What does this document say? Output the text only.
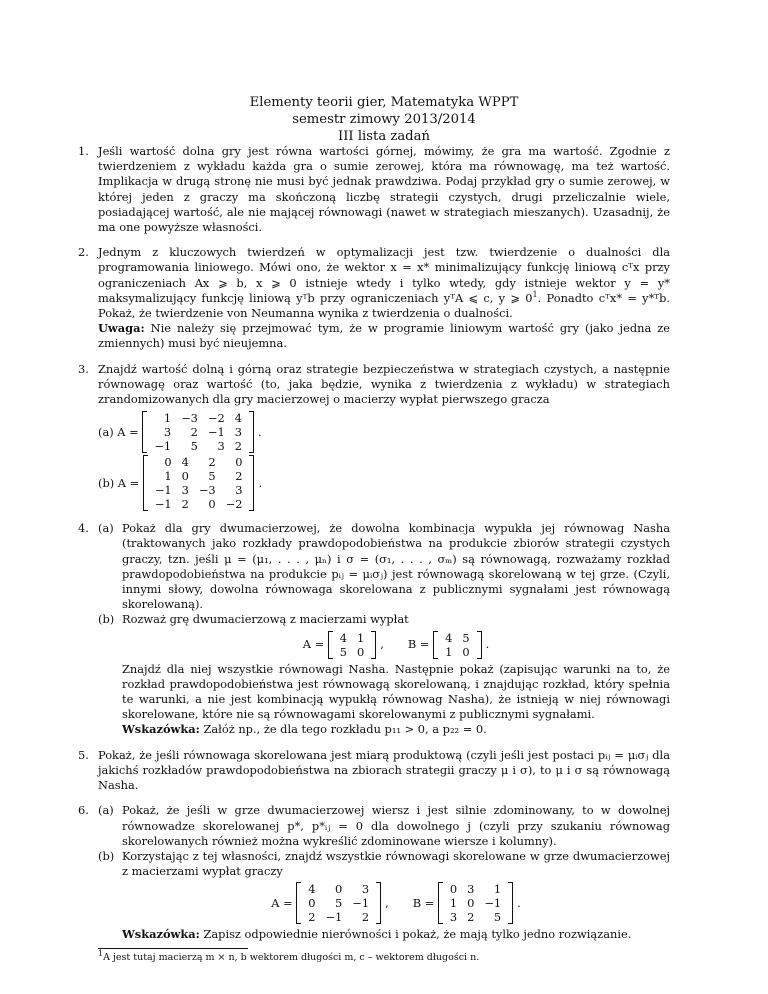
Elementy teorii gier, Matematyka WPPT
semestr zimowy 2013/2014
III lista zadań
1. Jeśli wartość dolna gry jest równa wartości górnej, mówimy, że gra ma wartość. Zgodnie z twierdzeniem z wykładu każda gra o sumie zerowej, która ma równowagę, ma też wartość. Implikacja w drugą stronę nie musi być jednak prawdziwa. Podaj przykład gry o sumie zerowej, w której jeden z graczy ma skończoną liczbę strategii czystych, drugi przeliczalnie wiele, posiadającej wartość, ale nie mającej równowagi (nawet w strategiach mieszanych). Uzasadnij, że ma one powyższe własności.
2. Jednym z kluczowych twierdzeń w optymalizacji jest tzw. twierdzenie o dualności dla programowania liniowego. Mówi ono, że wektor x = x* minimalizujący funkcję liniową cᵀx przy ograniczeniach Ax ⩾ b, x ⩾ 0 istnieje wtedy i tylko wtedy, gdy istnieje wektor y = y* maksymalizujący funkcję liniową yᵀb przy ograniczeniach yᵀA ⩽ c, y ⩾ $0^1$. Ponadto cᵀx* = y*ᵀb. Pokaż, że twierdzenie von Neumanna wynika z twierdzenia o dualności.
Uwaga: Nie należy się przejmować tym, że w programie liniowym wartość gry (jako jedna ze zmiennych) musi być nieujemna.
3. Znajdź wartość dolną i górną oraz strategie bezpieczeństwa w strategiach czystych, a następnie równowagę oraz wartość (to, jaka będzie, wynika z twierdzenia z wykładu) w strategiach zrandomizowanych dla gry macierzowej o macierzy wypłat pierwszego gracza
(a) A =
1	−3	−2	4
3	2	−1	3
−1	5	3	2
.
(b) A =
0	4	2	0
1	0	5	2
−1	3	−3	3
−1	2	0	−2
.
4. (a) Pokaż dla gry dwumacierzowej, że dowolna kombinacja wypukła jej równowag Nasha (traktowanych jako rozkłady prawdopodobieństwa na produkcie zbiorów strategii czystych graczy, tzn. jeśli μ = (μ₁, . . . , μₙ) i σ = (σ₁, . . . , σₘ) są równowagą, rozważamy rozkład prawdopodobieństwa na produkcie pᵢⱼ = μᵢσⱼ) jest równowagą skorelowaną w tej grze. (Czyli, innymi słowy, dowolna równowaga skorelowana z publicznymi sygnałami jest równowagą skorelowaną).
(b) Rozważ grę dwumacierzową z macierzami wypłat
A = 4	1
5	0
, B = 4	5
1	0
.
Znajdź dla niej wszystkie równowagi Nasha. Następnie pokaż (zapisując warunki na to, że rozkład prawdopodobieństwa jest równowagą skorelowaną, i znajdując rozkład, który spełnia te warunki, a nie jest kombinacją wypukłą równowag Nasha), że istnieją w niej równowagi skorelowane, które nie są równowagami skorelowanymi z publicznymi sygnałami.
Wskazówka: Załóż np., że dla tego rozkładu p₁₁ > 0, a p₂₂ = 0.
5. Pokaż, że jeśli równowaga skorelowana jest miarą produktową (czyli jeśli jest postaci pᵢⱼ = μᵢσⱼ dla jakichś rozkładów prawdopodobieństwa na zbiorach strategii graczy μ i σ), to μ i σ są równowagą Nasha.
6. (a) Pokaż, że jeśli w grze dwumacierzowej wiersz i jest silnie zdominowany, to w dowolnej równowadze skorelowanej p*, p*ᵢⱼ = 0 dla dowolnego j (czyli przy szukaniu równowag skorelowanych również można wykreślić zdominowane wiersze i kolumny).
(b) Korzystając z tej własności, znajdź wszystkie równowagi skorelowane w grze dwumacierzowej z macierzami wypłat graczy
A =
4	0	3
0	5	−1
2	−1	2
, B =
0	3	1
1	0	−1
3	2	5
.
Wskazówka: Zapisz odpowiednie nierówności i pokaż, że mają tylko jedno rozwiązanie.
$^1$A jest tutaj macierzą m × n, b wektorem długości m, c – wektorem długości n.
